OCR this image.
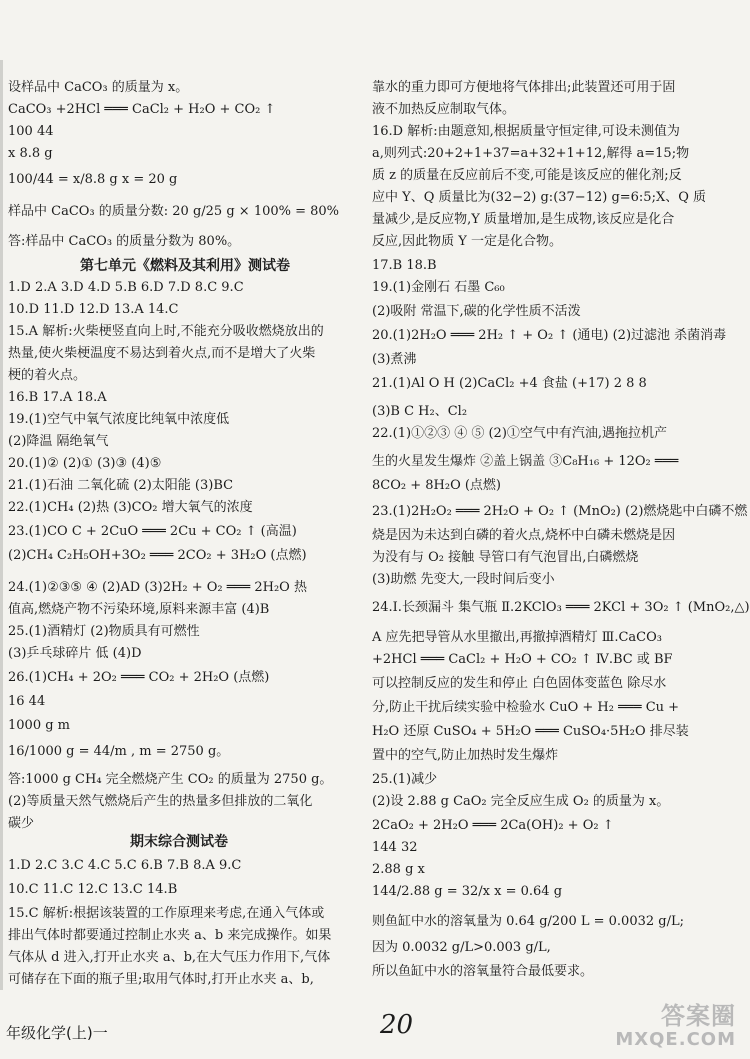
设样品中 CaCO₃ 的质量为 x。
CaCO₃ +2HCl ═══ CaCl₂ + H₂O + CO₂ ↑
100 44
x 8.8 g
100/44 = x/8.8 g x = 20 g
样品中 CaCO₃ 的质量分数: 20 g/25 g × 100% = 80%
答:样品中 CaCO₃ 的质量分数为 80%。
第七单元《燃料及其利用》测试卷
1.D 2.A 3.D 4.D 5.B 6.D 7.D 8.C 9.C
10.D 11.D 12.D 13.A 14.C
15.A 解析:火柴梗竖直向上时,不能充分吸收燃烧放出的
热量,使火柴梗温度不易达到着火点,而不是增大了火柴
梗的着火点。
16.B 17.A 18.A
19.(1)空气中氧气浓度比纯氧中浓度低
(2)降温 隔绝氧气
20.(1)② (2)① (3)③ (4)⑤
21.(1)石油 二氧化硫 (2)太阳能 (3)BC
22.(1)CH₄ (2)热 (3)CO₂ 增大氧气的浓度
23.(1)CO C + 2CuO ═══ 2Cu + CO₂ ↑ (高温)
(2)CH₄ C₂H₅OH+3O₂ ═══ 2CO₂ + 3H₂O (点燃)
24.(1)②③⑤ ④ (2)AD (3)2H₂ + O₂ ═══ 2H₂O 热
值高,燃烧产物不污染环境,原料来源丰富 (4)B
25.(1)酒精灯 (2)物质具有可燃性
(3)乒乓球碎片 低 (4)D
26.(1)CH₄ + 2O₂ ═══ CO₂ + 2H₂O (点燃)
16 44
1000 g m
16/1000 g = 44/m , m = 2750 g。
答:1000 g CH₄ 完全燃烧产生 CO₂ 的质量为 2750 g。
(2)等质量天然气燃烧后产生的热量多但排放的二氧化
碳少
期末综合测试卷
1.D 2.C 3.C 4.C 5.C 6.B 7.B 8.A 9.C
10.C 11.C 12.C 13.C 14.B
15.C 解析:根据该装置的工作原理来考虑,在通入气体或
排出气体时都要通过控制止水夹 a、b 来完成操作。如果
气体从 d 进入,打开止水夹 a、b,在大气压力作用下,气体
可储存在下面的瓶子里;取用气体时,打开止水夹 a、b,
靠水的重力即可方便地将气体排出;此装置还可用于固
液不加热反应制取气体。
16.D 解析:由题意知,根据质量守恒定律,可设未测值为
a,则列式:20+2+1+37=a+32+1+12,解得 a=15;物
质 z 的质量在反应前后不变,可能是该反应的催化剂;反
应中 Y、Q 质量比为(32−2) g:(37−12) g=6:5;X、Q 质
量减少,是反应物,Y 质量增加,是生成物,该反应是化合
反应,因此物质 Y 一定是化合物。
17.B 18.B
19.(1)金刚石 石墨 C₆₀
(2)吸附 常温下,碳的化学性质不活泼
20.(1)2H₂O ═══ 2H₂ ↑ + O₂ ↑ (通电) (2)过滤池 杀菌消毒
(3)煮沸
21.(1)Al O H (2)CaCl₂ +4 食盐 (+17) 2 8 8
(3)B C H₂、Cl₂
22.(1)①②③ ④ ⑤ (2)①空气中有汽油,遇拖拉机产
生的火星发生爆炸 ②盖上锅盖 ③C₈H₁₆ + 12O₂ ═══
8CO₂ + 8H₂O (点燃)
23.(1)2H₂O₂ ═══ 2H₂O + O₂ ↑ (MnO₂) (2)燃烧匙中白磷不燃
烧是因为未达到白磷的着火点,烧杯中白磷未燃烧是因
为没有与 O₂ 接触 导管口有气泡冒出,白磷燃烧
(3)助燃 先变大,一段时间后变小
24.Ⅰ.长颈漏斗 集气瓶 Ⅱ.2KClO₃ ═══ 2KCl + 3O₂ ↑ (MnO₂,△)
A 应先把导管从水里撤出,再撤掉酒精灯 Ⅲ.CaCO₃
+2HCl ═══ CaCl₂ + H₂O + CO₂ ↑ Ⅳ.BC 或 BF
可以控制反应的发生和停止 白色固体变蓝色 除尽水
分,防止干扰后续实验中检验水 CuO + H₂ ═══ Cu +
H₂O 还原 CuSO₄ + 5H₂O ═══ CuSO₄·5H₂O 排尽装
置中的空气,防止加热时发生爆炸
25.(1)减少
(2)设 2.88 g CaO₂ 完全反应生成 O₂ 的质量为 x。
2CaO₂ + 2H₂O ═══ 2Ca(OH)₂ + O₂ ↑
144 32
2.88 g x
144/2.88 g = 32/x x = 0.64 g
则鱼缸中水的溶氧量为 0.64 g/200 L = 0.0032 g/L;
因为 0.0032 g/L>0.003 g/L,
所以鱼缸中水的溶氧量符合最低要求。
年级化学(上)一	20	答案圈
MXQE.COM
